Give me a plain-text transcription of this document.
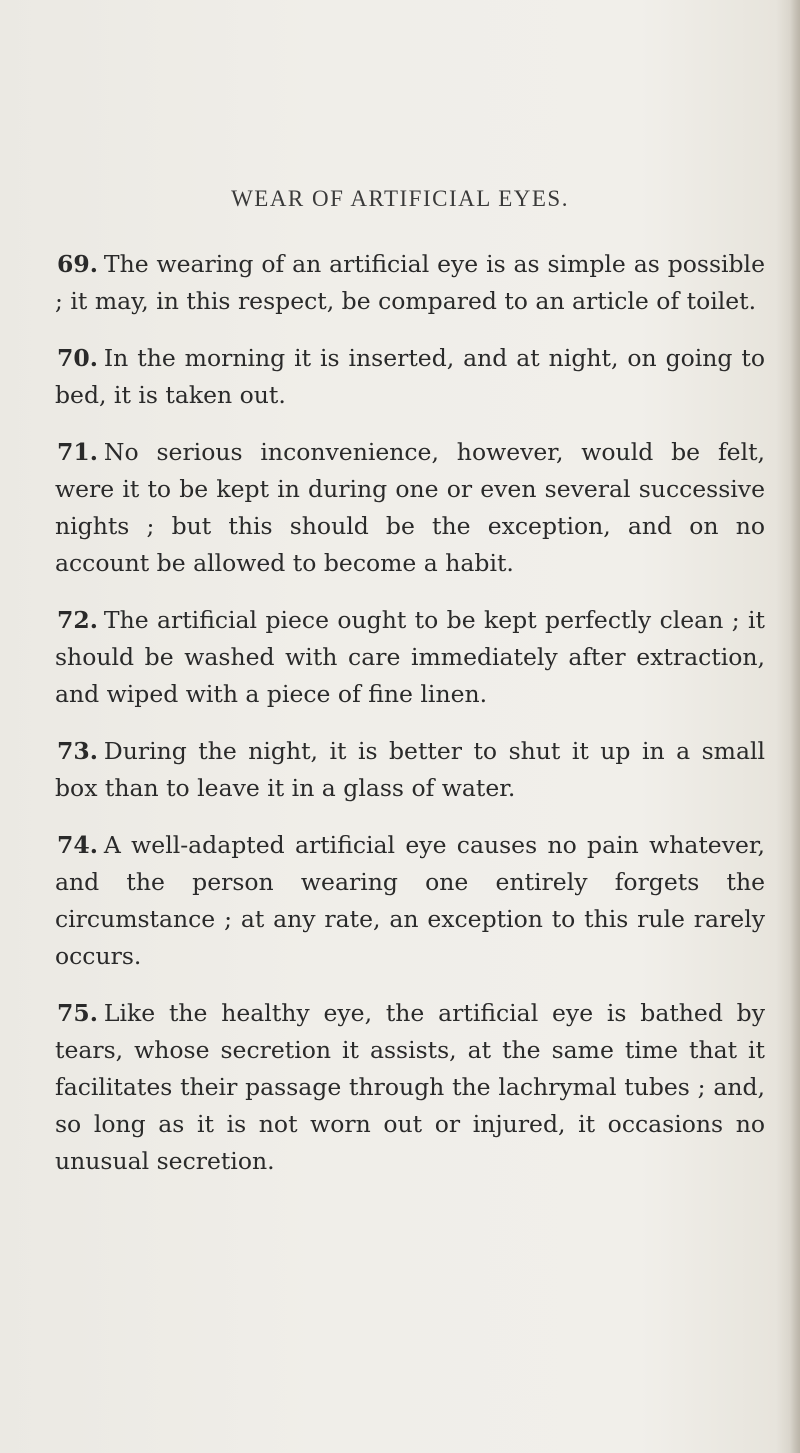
WEAR OF ARTIFICIAL EYES.

69. The wearing of an artificial eye is as simple as possible ; it may, in this respect, be compared to an article of toilet.

70. In the morning it is inserted, and at night, on going to bed, it is taken out.

71. No serious inconvenience, however, would be felt, were it to be kept in during one or even several successive nights ; but this should be the exception, and on no account be allowed to become a habit.

72. The artificial piece ought to be kept perfectly clean ; it should be washed with care immediately after extraction, and wiped with a piece of fine linen.

73. During the night, it is better to shut it up in a small box than to leave it in a glass of water.

74. A well-adapted artificial eye causes no pain whatever, and the person wearing one entirely forgets the circumstance ; at any rate, an exception to this rule rarely occurs.

75. Like the healthy eye, the artificial eye is bathed by tears, whose secretion it assists, at the same time that it facilitates their passage through the lachrymal tubes ; and, so long as it is not worn out or injured, it occasions no unusual secretion.
